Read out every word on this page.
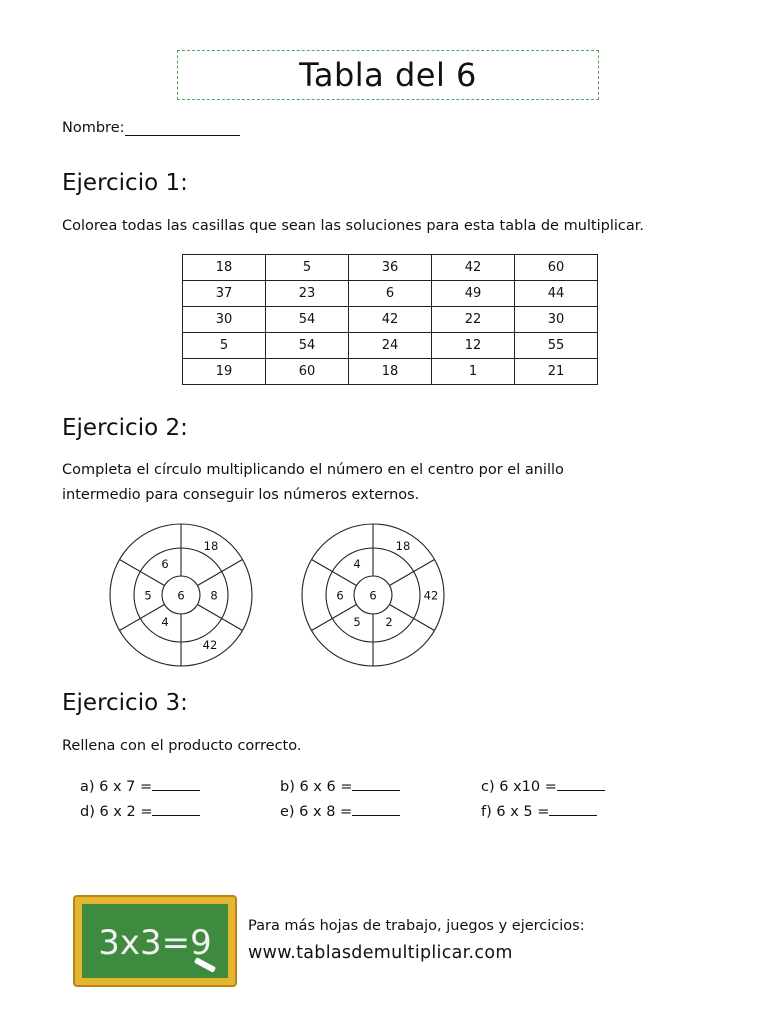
Tabla del 6
Nombre:
Ejercicio 1:
Colorea todas las casillas que sean las soluciones para esta tabla de multiplicar.
18	5	36	42	60
37	23	6	49	44
30	54	42	22	30
5	54	24	12	55
19	60	18	1	21
Ejercicio 2:
Completa el círculo multiplicando el número en el centro por el anillo
intermedio para conseguir los números externos.
6
6
8
4
5
18
42
6
4
6
2
5
18
42
Ejercicio 3:
Rellena con el producto correcto.
a) 6 x 7 =	b) 6 x 6 =	c) 6 x10 =
d) 6 x 2 =	e) 6 x 8 =	f) 6 x 5 =
3x3=9 Para más hojas de trabajo, juegos y ejercicios:
www.tablasdemultiplicar.com
